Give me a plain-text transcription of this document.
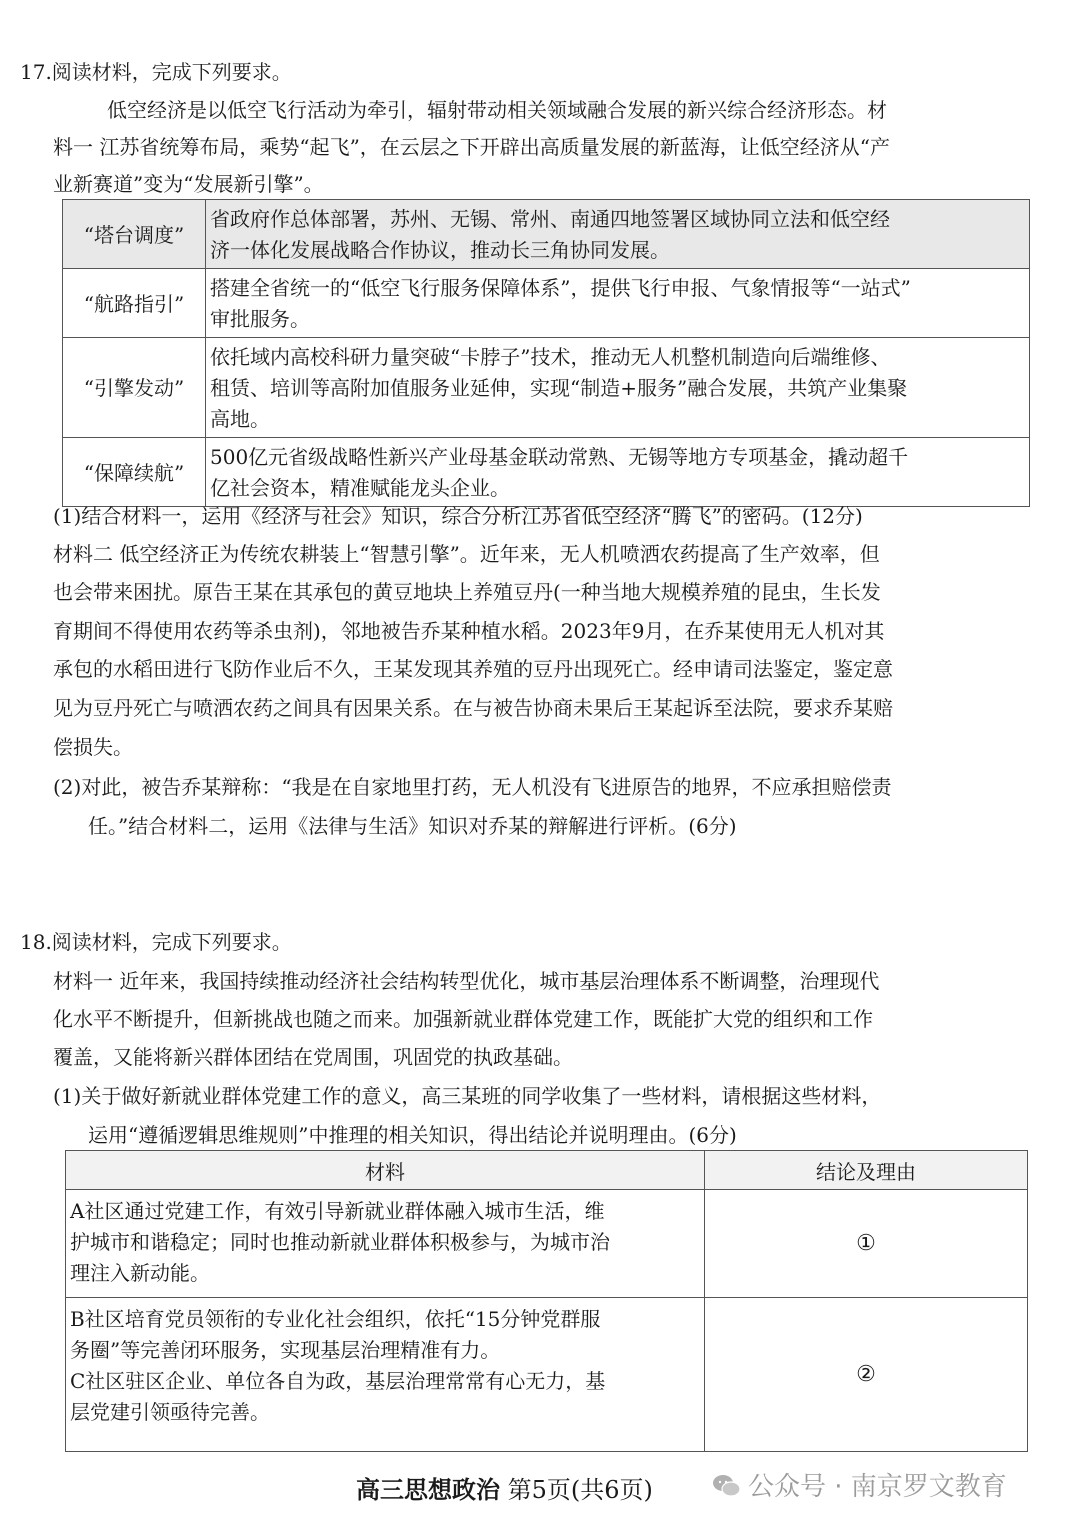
17.阅读材料，完成下列要求。
低空经济是以低空飞行活动为牵引，辐射带动相关领域融合发展的新兴综合经济形态。材
料一 江苏省统筹布局，乘势“起飞”，在云层之下开辟出高质量发展的新蓝海，让低空经济从“产
业新赛道”变为“发展新引擎”。
“塔台调度”	省政府作总体部署，苏州、无锡、常州、南通四地签署区域协同立法和低空经
济一体化发展战略合作协议，推动长三角协同发展。

“航路指引”	搭建全省统一的“低空飞行服务保障体系”，提供飞行申报、气象情报等“一站式”
审批服务。

“引擎发动”	依托域内高校科研力量突破“卡脖子”技术，推动无人机整机制造向后端维修、
租赁、培训等高附加值服务业延伸，实现“制造+服务”融合发展，共筑产业集聚
高地。

“保障续航”	500亿元省级战略性新兴产业母基金联动常熟、无锡等地方专项基金，撬动超千
亿社会资本，精准赋能龙头企业。
(1)结合材料一，运用《经济与社会》知识，综合分析江苏省低空经济“腾飞”的密码。(12分)
材料二 低空经济正为传统农耕装上“智慧引擎”。近年来，无人机喷洒农药提高了生产效率，但
也会带来困扰。原告王某在其承包的黄豆地块上养殖豆丹(一种当地大规模养殖的昆虫，生长发
育期间不得使用农药等杀虫剂)，邻地被告乔某种植水稻。2023年9月，在乔某使用无人机对其
承包的水稻田进行飞防作业后不久，王某发现其养殖的豆丹出现死亡。经申请司法鉴定，鉴定意
见为豆丹死亡与喷洒农药之间具有因果关系。在与被告协商未果后王某起诉至法院，要求乔某赔
偿损失。
(2)对此，被告乔某辩称：“我是在自家地里打药，无人机没有飞进原告的地界，不应承担赔偿责
任。”结合材料二，运用《法律与生活》知识对乔某的辩解进行评析。(6分)
18.阅读材料，完成下列要求。
材料一 近年来，我国持续推动经济社会结构转型优化，城市基层治理体系不断调整，治理现代
化水平不断提升，但新挑战也随之而来。加强新就业群体党建工作，既能扩大党的组织和工作
覆盖，又能将新兴群体团结在党周围，巩固党的执政基础。
(1)关于做好新就业群体党建工作的意义，高三某班的同学收集了一些材料，请根据这些材料，
运用“遵循逻辑思维规则”中推理的相关知识，得出结论并说明理由。(6分)
材料	结论及理由

A社区通过党建工作，有效引导新就业群体融入城市生活，维
护城市和谐稳定；同时也推动新就业群体积极参与，为城市治
理注入新动能。	①

B社区培育党员领衔的专业化社会组织，依托“15分钟党群服
务圈”等完善闭环服务，实现基层治理精准有力。
C社区驻区企业、单位各自为政，基层治理常常有心无力，基
层党建引领亟待完善。	②
高三思想政治 第5页(共6页)	公众号 · 南京罗文教育
